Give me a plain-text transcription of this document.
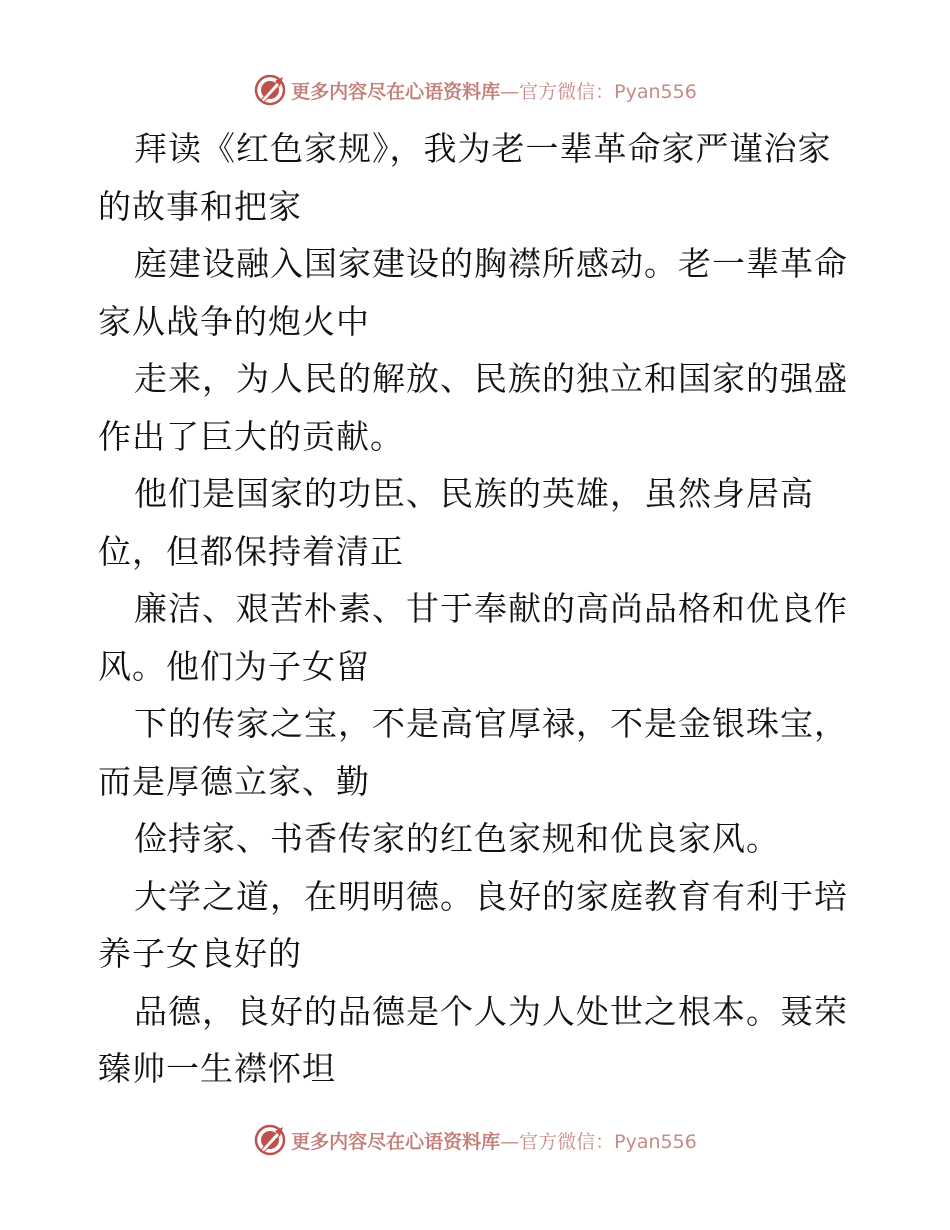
更多内容尽在心语资料库—官方微信：Pyan556

拜读《红色家规》，我为老一辈革命家严谨治家
的故事和把家

庭建设融入国家建设的胸襟所感动。老一辈革命
家从战争的炮火中

走来，为人民的解放、民族的独立和国家的强盛
作出了巨大的贡献。

他们是国家的功臣、民族的英雄，虽然身居高
位，但都保持着清正

廉洁、艰苦朴素、甘于奉献的高尚品格和优良作
风。他们为子女留

下的传家之宝，不是高官厚禄，不是金银珠宝，
而是厚德立家、勤

俭持家、书香传家的红色家规和优良家风。

大学之道，在明明德。良好的家庭教育有利于培
养子女良好的

品德，良好的品德是个人为人处世之根本。聂荣
臻帅一生襟怀坦

更多内容尽在心语资料库—官方微信：Pyan556
